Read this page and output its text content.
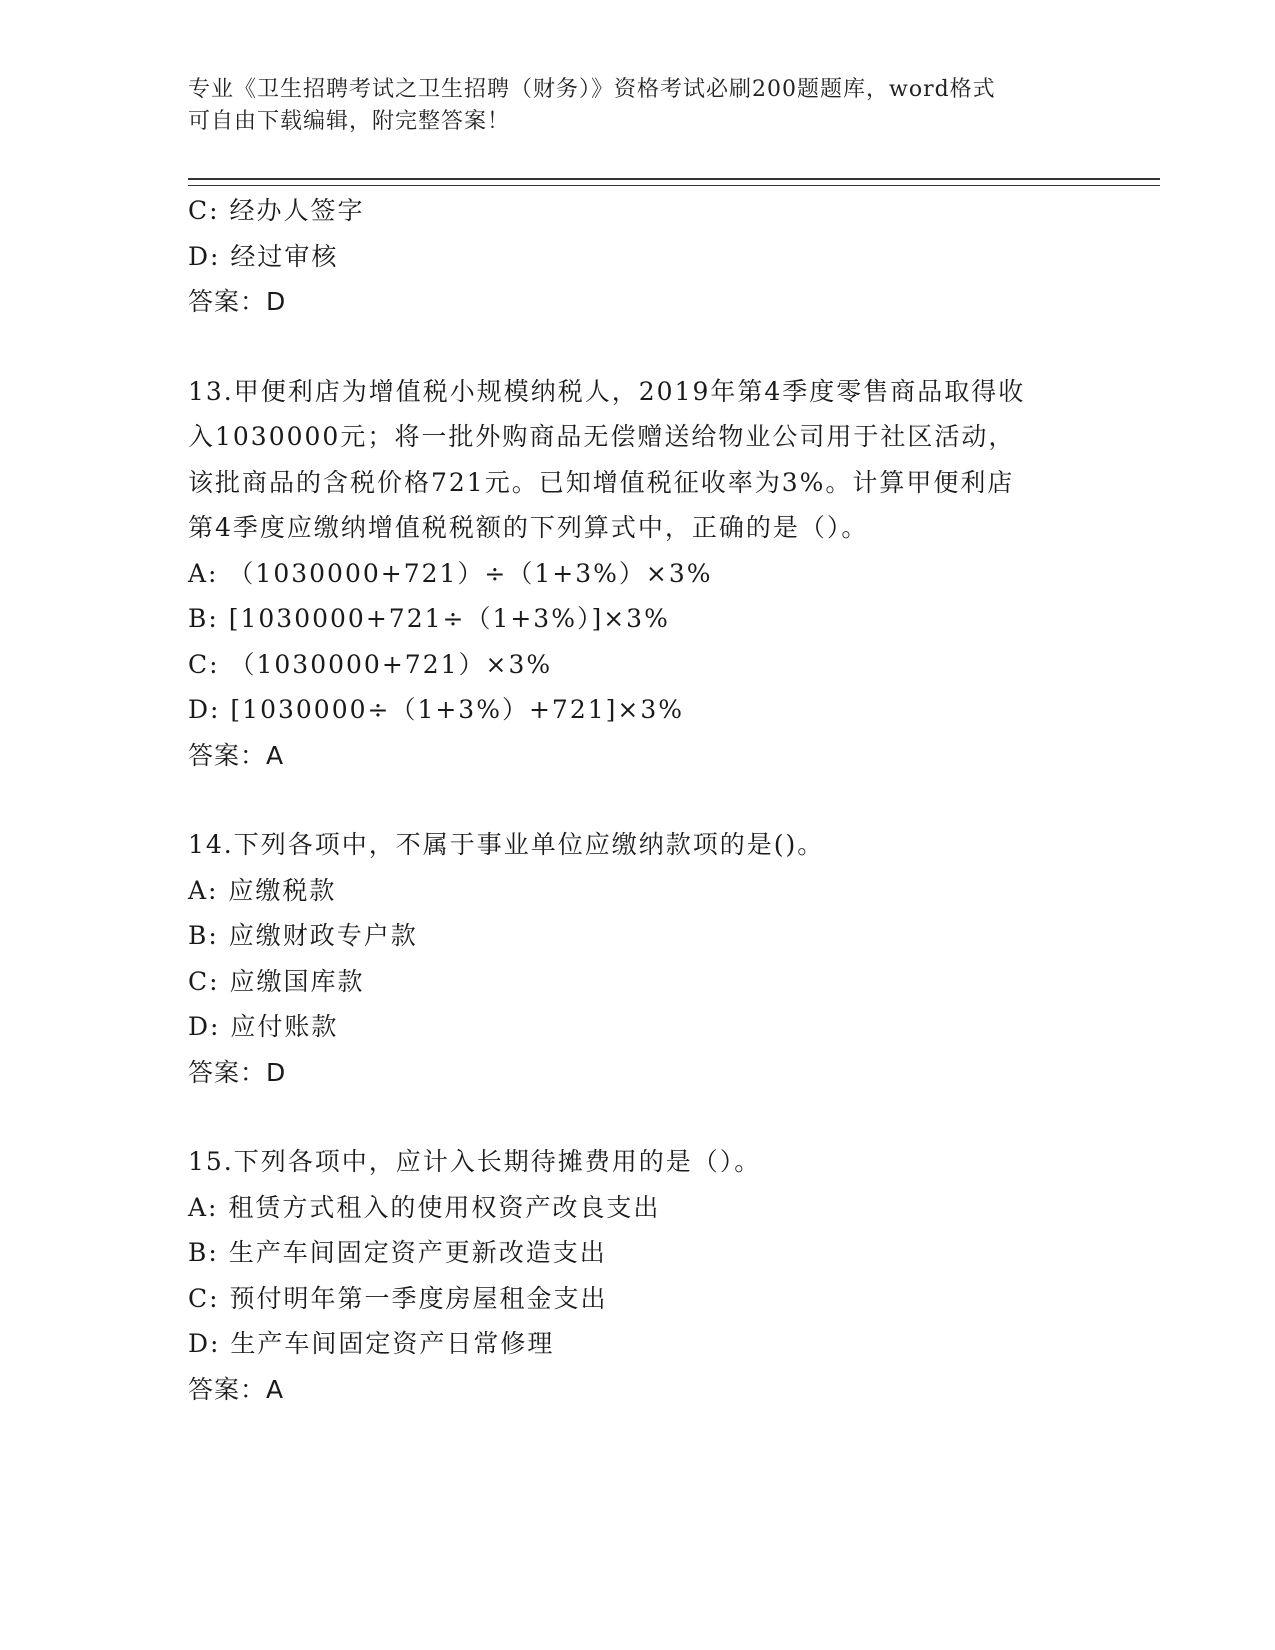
专业《卫生招聘考试之卫生招聘（财务）》资格考试必刷200题题库，word格式
可自由下载编辑，附完整答案！
C: 经办人签字
D: 经过审核
答案：D
13.甲便利店为增值税小规模纳税人，2019年第4季度零售商品取得收
入1030000元；将一批外购商品无偿赠送给物业公司用于社区活动，
该批商品的含税价格721元。已知增值税征收率为3%。计算甲便利店
第4季度应缴纳增值税税额的下列算式中，正确的是（）。
A: （1030000+721）÷（1+3%）×3%
B: [1030000+721÷（1+3%）]×3%
C: （1030000+721）×3%
D: [1030000÷（1+3%）+721]×3%
答案：A
14.下列各项中，不属于事业单位应缴纳款项的是()。
A: 应缴税款
B: 应缴财政专户款
C: 应缴国库款
D: 应付账款
答案：D
15.下列各项中，应计入长期待摊费用的是（）。
A: 租赁方式租入的使用权资产改良支出
B: 生产车间固定资产更新改造支出
C: 预付明年第一季度房屋租金支出
D: 生产车间固定资产日常修理
答案：A
